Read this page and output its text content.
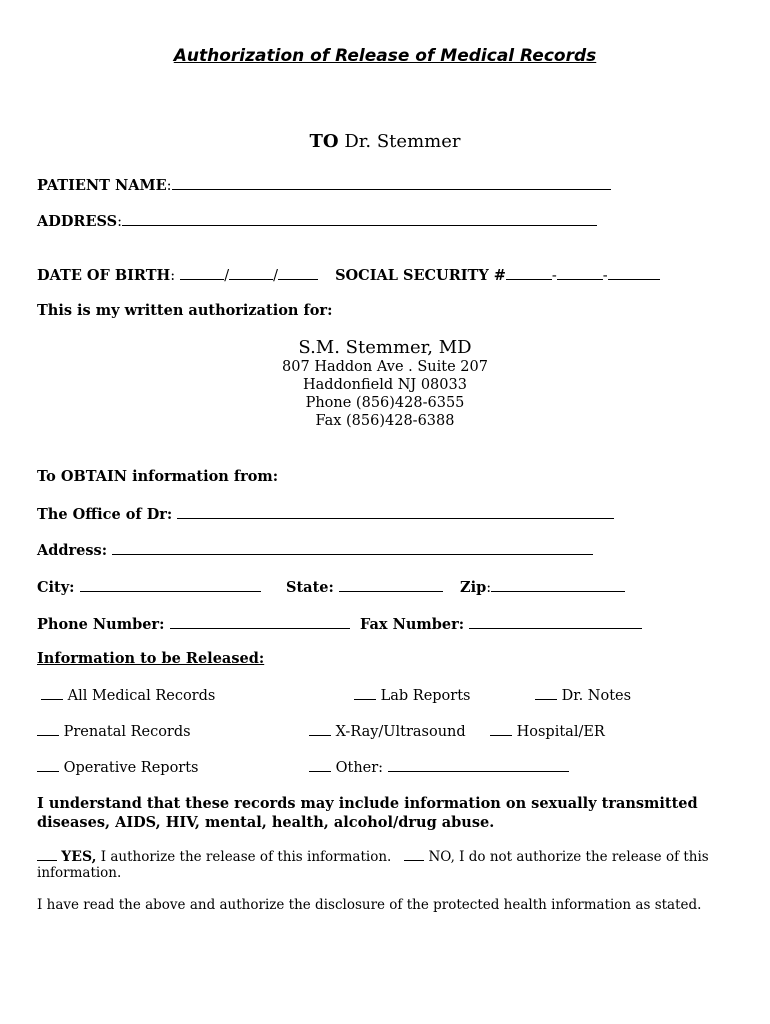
Authorization of Release of Medical Records
TO Dr. Stemmer
PATIENT NAME:
ADDRESS:
DATE OF BIRTH:	/	/	SOCIAL SECURITY #	-	-
This is my written authorization for:
S.M. Stemmer, MD
807 Haddon Ave . Suite 207
Haddonfield NJ 08033
Phone (856)428-6355
Fax (856)428-6388
To OBTAIN information from:
The Office of Dr:
Address:
City:	State:	Zip:
Phone Number:	Fax Number:
Information to be Released:
All Medical Records	Lab Reports	Dr. Notes
Prenatal Records	X-Ray/Ultrasound	Hospital/ER
Operative Reports	Other:
I understand that these records may include information on sexually transmitted diseases, AIDS, HIV, mental, health, alcohol/drug abuse.
YES, I authorize the release of this information.	NO, I do not authorize the release of this information.
I have read the above and authorize the disclosure of the protected health information as stated.
